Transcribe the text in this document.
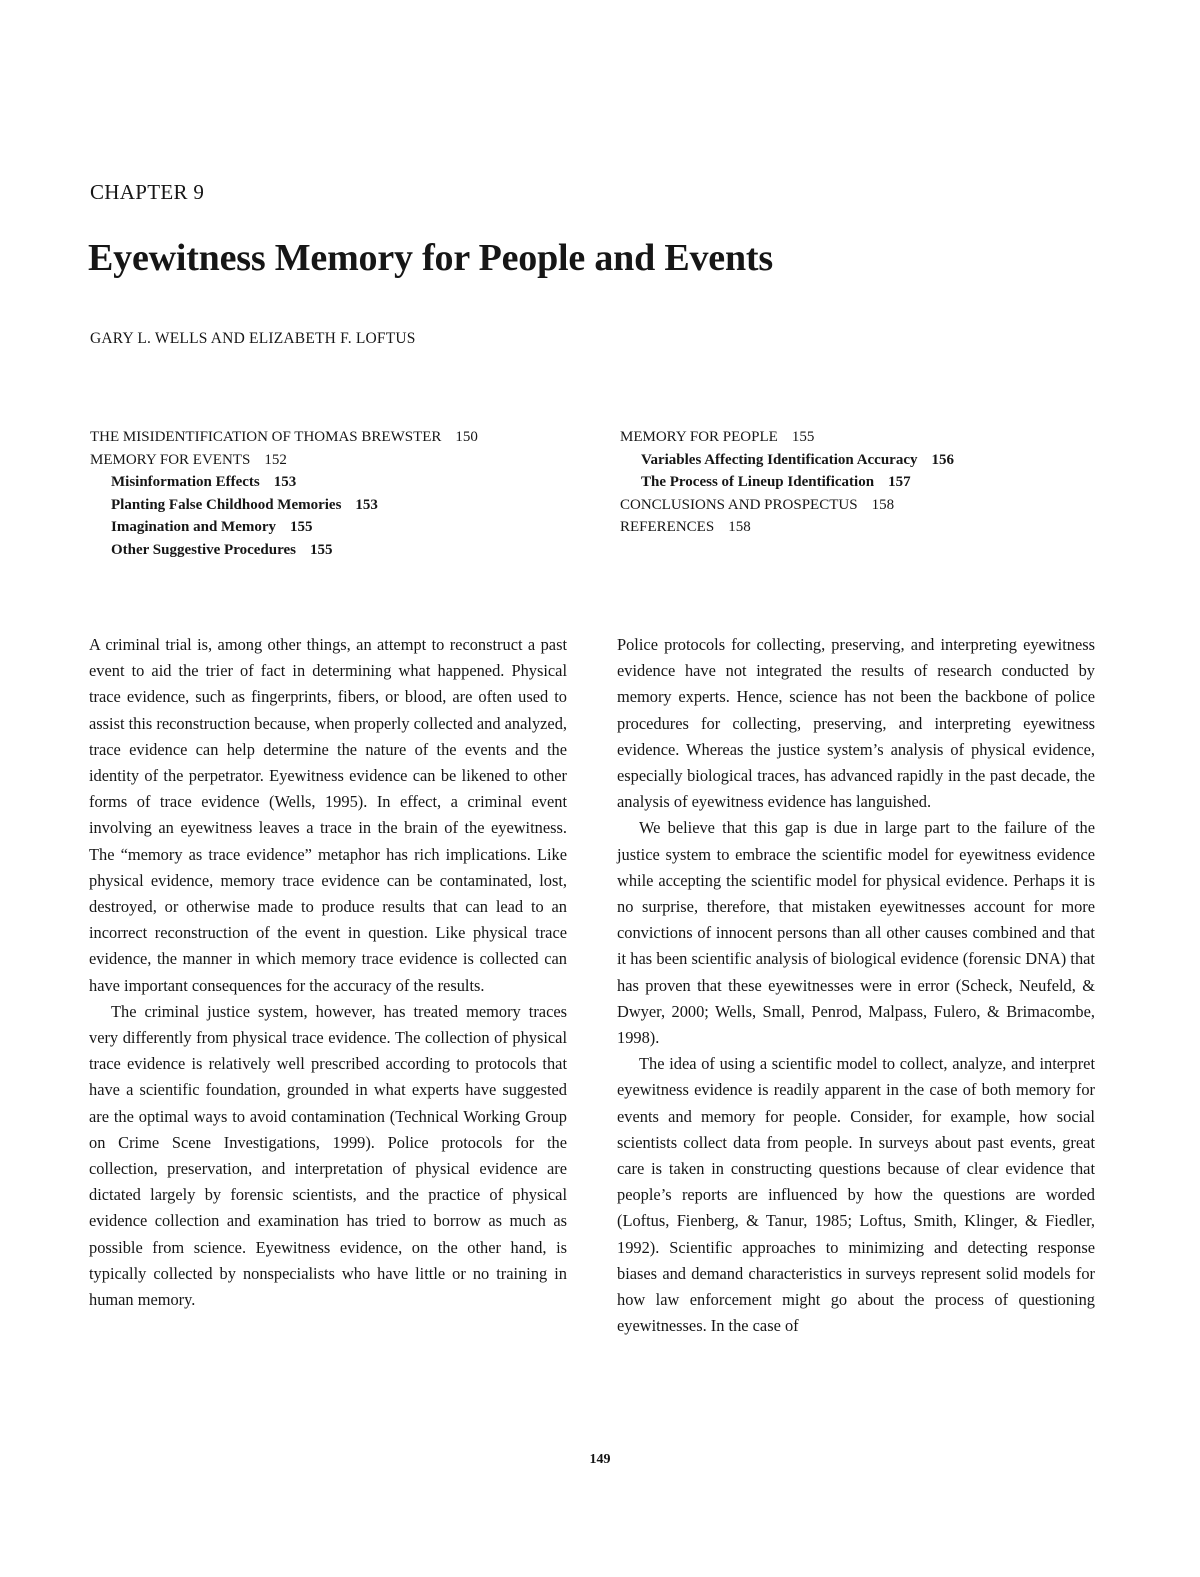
CHAPTER 9
Eyewitness Memory for People and Events
GARY L. WELLS AND ELIZABETH F. LOFTUS
THE MISIDENTIFICATION OF THOMAS BREWSTER 150
MEMORY FOR EVENTS 152
Misinformation Effects 153
Planting False Childhood Memories 153
Imagination and Memory 155
Other Suggestive Procedures 155
MEMORY FOR PEOPLE 155
Variables Affecting Identification Accuracy 156
The Process of Lineup Identification 157
CONCLUSIONS AND PROSPECTUS 158
REFERENCES 158

A criminal trial is, among other things, an attempt to reconstruct a past event to aid the trier of fact in determining what happened. Physical trace evidence, such as fingerprints, fibers, or blood, are often used to assist this reconstruction because, when properly collected and analyzed, trace evidence can help determine the nature of the events and the identity of the perpetrator. Eyewitness evidence can be likened to other forms of trace evidence (Wells, 1995). In effect, a criminal event involving an eyewitness leaves a trace in the brain of the eyewitness. The “memory as trace evidence” metaphor has rich implications. Like physical evidence, memory trace evidence can be contaminated, lost, destroyed, or otherwise made to produce results that can lead to an incorrect reconstruction of the event in question. Like physical trace evidence, the manner in which memory trace evidence is collected can have important consequences for the accuracy of the results.

The criminal justice system, however, has treated memory traces very differently from physical trace evidence. The collection of physical trace evidence is relatively well prescribed according to protocols that have a scientific foundation, grounded in what experts have suggested are the optimal ways to avoid contamination (Technical Working Group on Crime Scene Investigations, 1999). Police protocols for the collection, preservation, and interpretation of physical evidence are dictated largely by forensic scientists, and the practice of physical evidence collection and examination has tried to borrow as much as possible from science. Eyewitness evidence, on the other hand, is typically collected by nonspecialists who have little or no training in human memory.

Police protocols for collecting, preserving, and interpreting eyewitness evidence have not integrated the results of research conducted by memory experts. Hence, science has not been the backbone of police procedures for collecting, preserving, and interpreting eyewitness evidence. Whereas the justice system’s analysis of physical evidence, especially biological traces, has advanced rapidly in the past decade, the analysis of eyewitness evidence has languished.

We believe that this gap is due in large part to the failure of the justice system to embrace the scientific model for eyewitness evidence while accepting the scientific model for physical evidence. Perhaps it is no surprise, therefore, that mistaken eyewitnesses account for more convictions of innocent persons than all other causes combined and that it has been scientific analysis of biological evidence (forensic DNA) that has proven that these eyewitnesses were in error (Scheck, Neufeld, & Dwyer, 2000; Wells, Small, Penrod, Malpass, Fulero, & Brimacombe, 1998).

The idea of using a scientific model to collect, analyze, and interpret eyewitness evidence is readily apparent in the case of both memory for events and memory for people. Consider, for example, how social scientists collect data from people. In surveys about past events, great care is taken in constructing questions because of clear evidence that people’s reports are influenced by how the questions are worded (Loftus, Fienberg, & Tanur, 1985; Loftus, Smith, Klinger, & Fiedler, 1992). Scientific approaches to minimizing and detecting response biases and demand characteristics in surveys represent solid models for how law enforcement might go about the process of questioning eyewitnesses. In the case of

149
